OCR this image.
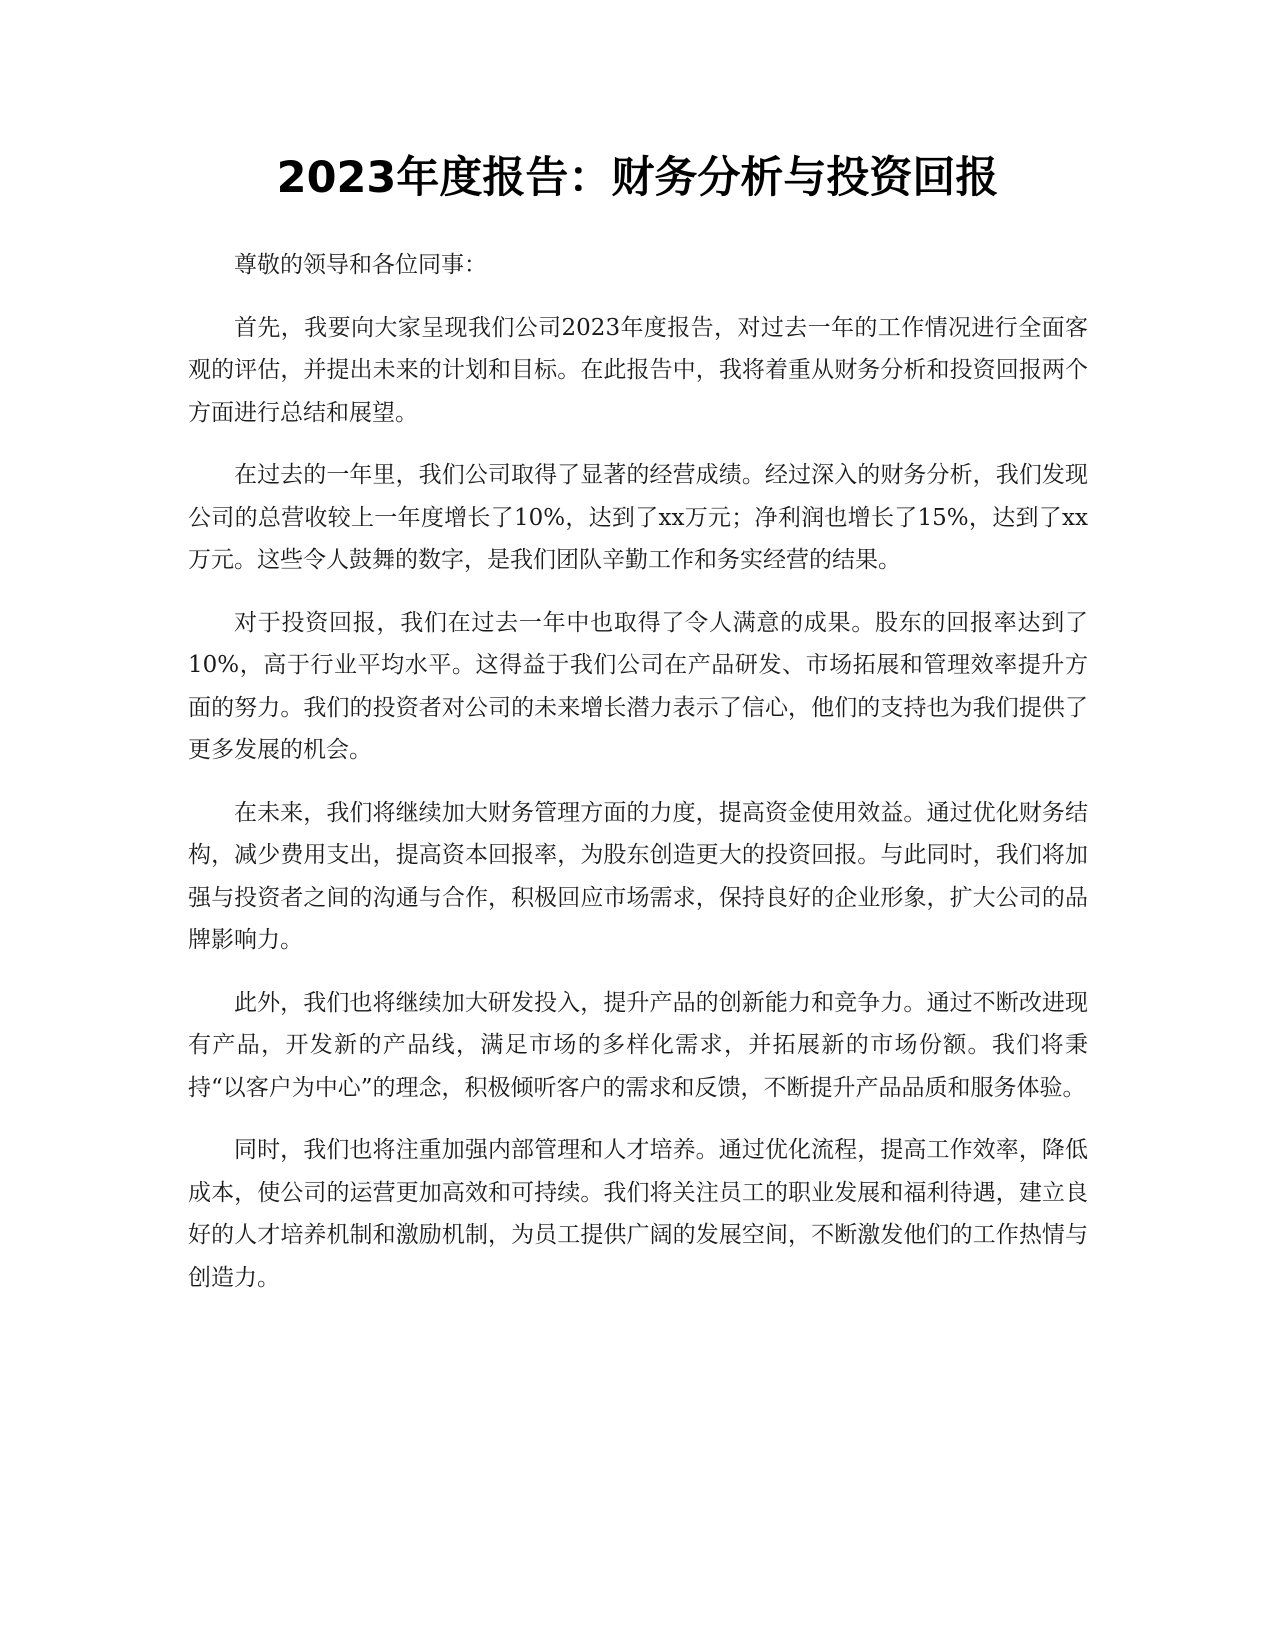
2023年度报告：财务分析与投资回报

尊敬的领导和各位同事：

首先，我要向大家呈现我们公司2023年度报告，对过去一年的工作情况进行全面客观的评估，并提出未来的计划和目标。在此报告中，我将着重从财务分析和投资回报两个方面进行总结和展望。

在过去的一年里，我们公司取得了显著的经营成绩。经过深入的财务分析，我们发现公司的总营收较上一年度增长了10%，达到了xx万元；净利润也增长了15%，达到了xx万元。这些令人鼓舞的数字，是我们团队辛勤工作和务实经营的结果。

对于投资回报，我们在过去一年中也取得了令人满意的成果。股东的回报率达到了10%，高于行业平均水平。这得益于我们公司在产品研发、市场拓展和管理效率提升方面的努力。我们的投资者对公司的未来增长潜力表示了信心，他们的支持也为我们提供了更多发展的机会。

在未来，我们将继续加大财务管理方面的力度，提高资金使用效益。通过优化财务结构，减少费用支出，提高资本回报率，为股东创造更大的投资回报。与此同时，我们将加强与投资者之间的沟通与合作，积极回应市场需求，保持良好的企业形象，扩大公司的品牌影响力。

此外，我们也将继续加大研发投入，提升产品的创新能力和竞争力。通过不断改进现有产品，开发新的产品线，满足市场的多样化需求，并拓展新的市场份额。我们将秉持“以客户为中心”的理念，积极倾听客户的需求和反馈，不断提升产品品质和服务体验。

同时，我们也将注重加强内部管理和人才培养。通过优化流程，提高工作效率，降低成本，使公司的运营更加高效和可持续。我们将关注员工的职业发展和福利待遇，建立良好的人才培养机制和激励机制，为员工提供广阔的发展空间，不断激发他们的工作热情与创造力。
